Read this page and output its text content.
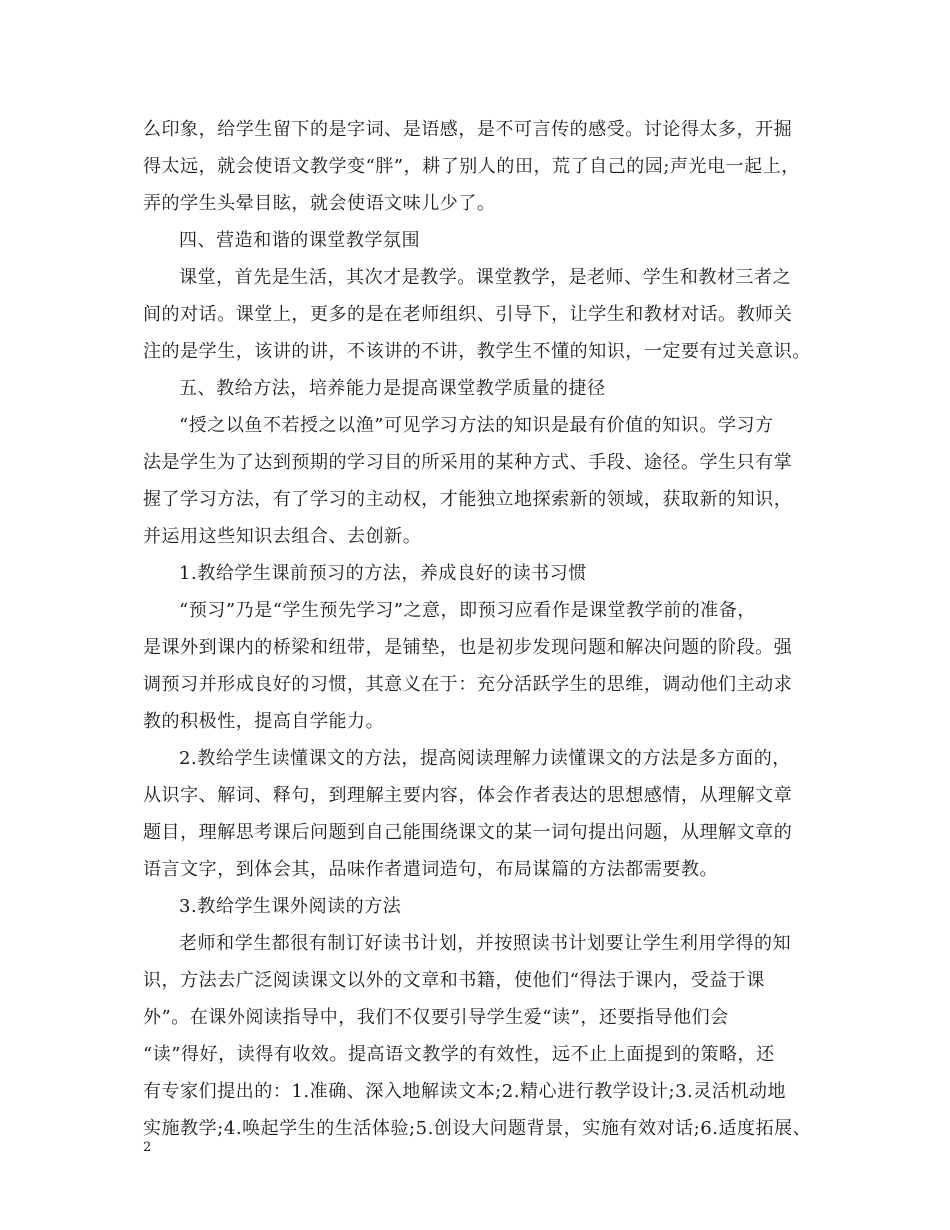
么印象，给学生留下的是字词、是语感，是不可言传的感受。讨论得太多，开掘
得太远，就会使语文教学变“胖”，耕了别人的田，荒了自己的园;声光电一起上，
弄的学生头晕目眩，就会使语文味儿少了。
四、营造和谐的课堂教学氛围
课堂，首先是生活，其次才是教学。课堂教学，是老师、学生和教材三者之
间的对话。课堂上，更多的是在老师组织、引导下，让学生和教材对话。教师关
注的是学生，该讲的讲，不该讲的不讲，教学生不懂的知识，一定要有过关意识。
五、教给方法，培养能力是提高课堂教学质量的捷径
“授之以鱼不若授之以渔”可见学习方法的知识是最有价值的知识。学习方
法是学生为了达到预期的学习目的所采用的某种方式、手段、途径。学生只有掌
握了学习方法，有了学习的主动权，才能独立地探索新的领域，获取新的知识，
并运用这些知识去组合、去创新。
1.教给学生课前预习的方法，养成良好的读书习惯
“预习”乃是“学生预先学习”之意，即预习应看作是课堂教学前的准备，
是课外到课内的桥梁和纽带，是铺垫，也是初步发现问题和解决问题的阶段。强
调预习并形成良好的习惯，其意义在于：充分活跃学生的思维，调动他们主动求
教的积极性，提高自学能力。
2.教给学生读懂课文的方法，提高阅读理解力读懂课文的方法是多方面的，
从识字、解词、释句，到理解主要内容，体会作者表达的思想感情，从理解文章
题目，理解思考课后问题到自己能围绕课文的某一词句提出问题，从理解文章的
语言文字，到体会其，品味作者遣词造句，布局谋篇的方法都需要教。
3.教给学生课外阅读的方法
老师和学生都很有制订好读书计划，并按照读书计划要让学生利用学得的知
识，方法去广泛阅读课文以外的文章和书籍，使他们“得法于课内，受益于课
外”。在课外阅读指导中，我们不仅要引导学生爱“读”，还要指导他们会
“读”得好，读得有收效。提高语文教学的有效性，远不止上面提到的策略，还
有专家们提出的：1.准确、深入地解读文本;2.精心进行教学设计;3.灵活机动地
实施教学;4.唤起学生的生活体验;5.创设大问题背景，实施有效对话;6.适度拓展、
2
